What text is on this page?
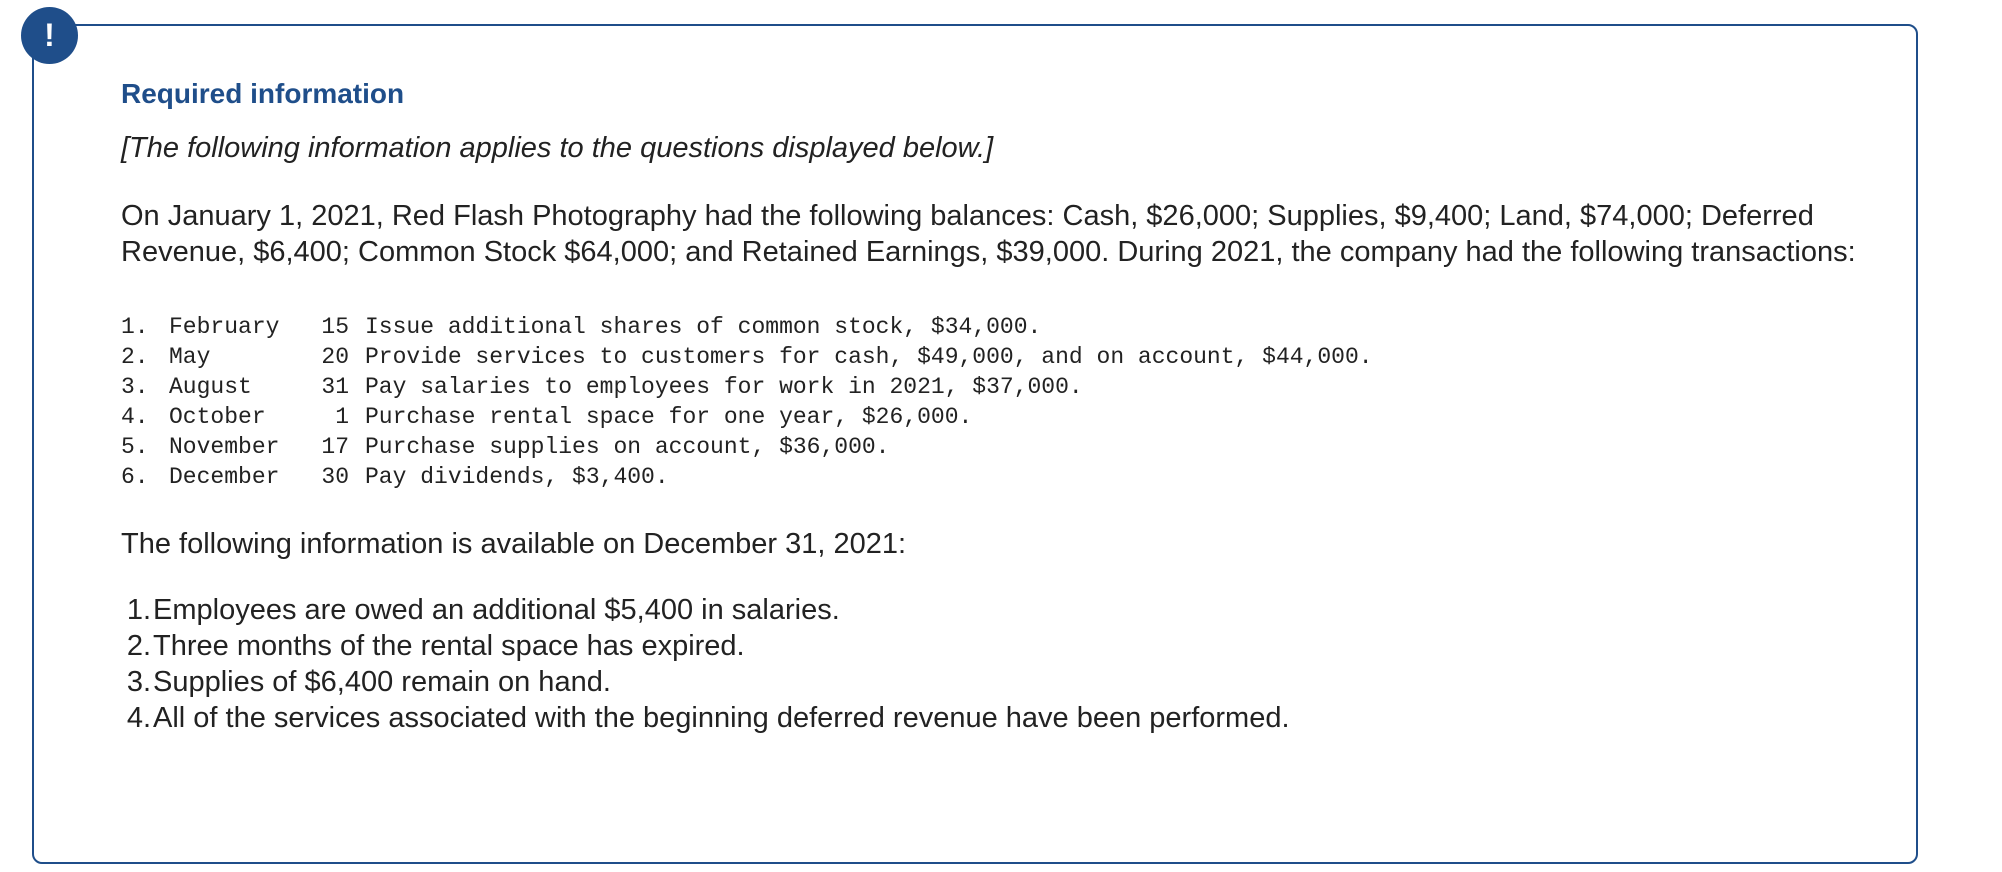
!
Required information

[The following information applies to the questions displayed below.]

On January 1, 2021, Red Flash Photography had the following balances: Cash, $26,000; Supplies, $9,400; Land, $74,000; Deferred Revenue, $6,400; Common Stock $64,000; and Retained Earnings, $39,000. During 2021, the company had the following transactions:

1. February	15 Issue additional shares of common stock, $34,000.
2. May	20 Provide services to customers for cash, $49,000, and on account, $44,000.
3. August	31 Pay salaries to employees for work in 2021, $37,000.
4. October	1 Purchase rental space for one year, $26,000.
5. November	17 Purchase supplies on account, $36,000.
6. December	30 Pay dividends, $3,400.

The following information is available on December 31, 2021:

1. Employees are owed an additional $5,400 in salaries.
2. Three months of the rental space has expired.
3. Supplies of $6,400 remain on hand.
4. All of the services associated with the beginning deferred revenue have been performed.
